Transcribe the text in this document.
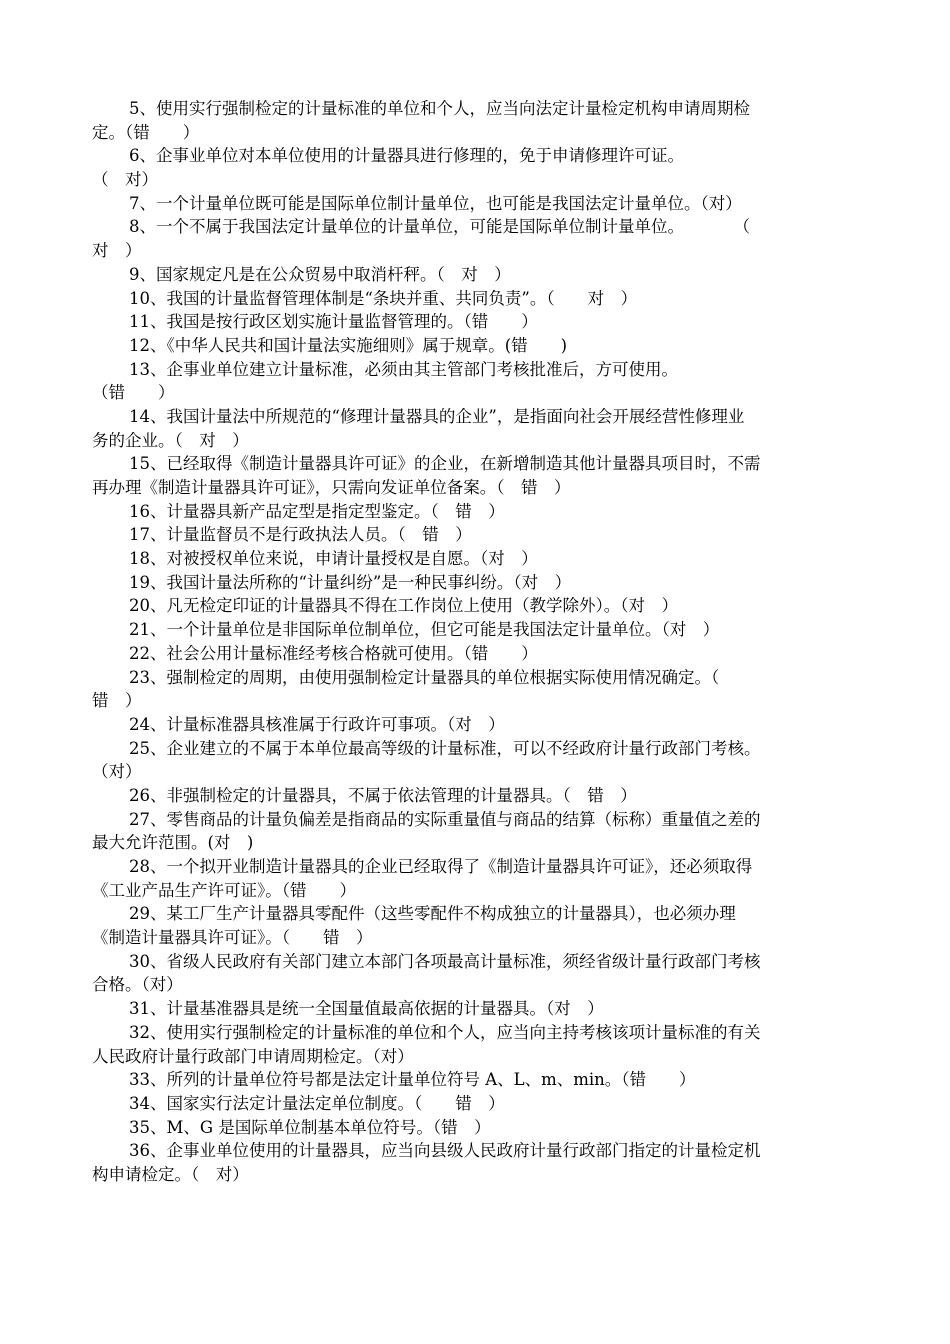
5、使用实行强制检定的计量标准的单位和个人，应当向法定计量检定机构申请周期检
定。（错　　）
6、企事业单位对本单位使用的计量器具进行修理的，免于申请修理许可证。
（　对）
7、一个计量单位既可能是国际单位制计量单位，也可能是我国法定计量单位。（对）
8、一个不属于我国法定计量单位的计量单位，可能是国际单位制计量单位。　　　　（
对　）
9、国家规定凡是在公众贸易中取消杆秤。（　对　）
10、我国的计量监督管理体制是“条块并重、共同负责”。（　　对　）
11、我国是按行政区划实施计量监督管理的。（错　　）
12、《中华人民共和国计量法实施细则》属于规章。(错　　)
13、企事业单位建立计量标准，必须由其主管部门考核批准后，方可使用。
（错　　）
14、我国计量法中所规范的“修理计量器具的企业”，是指面向社会开展经营性修理业
务的企业。（　对　）
15、已经取得《制造计量器具许可证》的企业，在新增制造其他计量器具项目时，不需
再办理《制造计量器具许可证》，只需向发证单位备案。（　错　）
16、计量器具新产品定型是指定型鉴定。（　错　）
17、计量监督员不是行政执法人员。（　错　）
18、对被授权单位来说，申请计量授权是自愿。（对　）
19、我国计量法所称的“计量纠纷”是一种民事纠纷。（对　）
20、凡无检定印证的计量器具不得在工作岗位上使用（教学除外）。（对　）
21、一个计量单位是非国际单位制单位，但它可能是我国法定计量单位。（对　）
22、社会公用计量标准经考核合格就可使用。（错　　）
23、强制检定的周期，由使用强制检定计量器具的单位根据实际使用情况确定。（
错　）
24、计量标准器具核准属于行政许可事项。（对　）
25、企业建立的不属于本单位最高等级的计量标准，可以不经政府计量行政部门考核。
（对）
26、非强制检定的计量器具，不属于依法管理的计量器具。（　错　）
27、零售商品的计量负偏差是指商品的实际重量值与商品的结算（标称）重量值之差的
最大允许范围。(对　)
28、一个拟开业制造计量器具的企业已经取得了《制造计量器具许可证》，还必须取得
《工业产品生产许可证》。（错　　）
29、某工厂生产计量器具零配件（这些零配件不构成独立的计量器具），也必须办理
《制造计量器具许可证》。（　　错　）
30、省级人民政府有关部门建立本部门各项最高计量标准，须经省级计量行政部门考核
合格。（对）
31、计量基准器具是统一全国量值最高依据的计量器具。（对　）
32、使用实行强制检定的计量标准的单位和个人，应当向主持考核该项计量标准的有关
人民政府计量行政部门申请周期检定。（对）
33、所列的计量单位符号都是法定计量单位符号 A、L、m、min。（错　　）
34、国家实行法定计量法定单位制度。（　　错　）
35、M、G 是国际单位制基本单位符号。（错　）
36、企事业单位使用的计量器具，应当向县级人民政府计量行政部门指定的计量检定机
构申请检定。（　对）
